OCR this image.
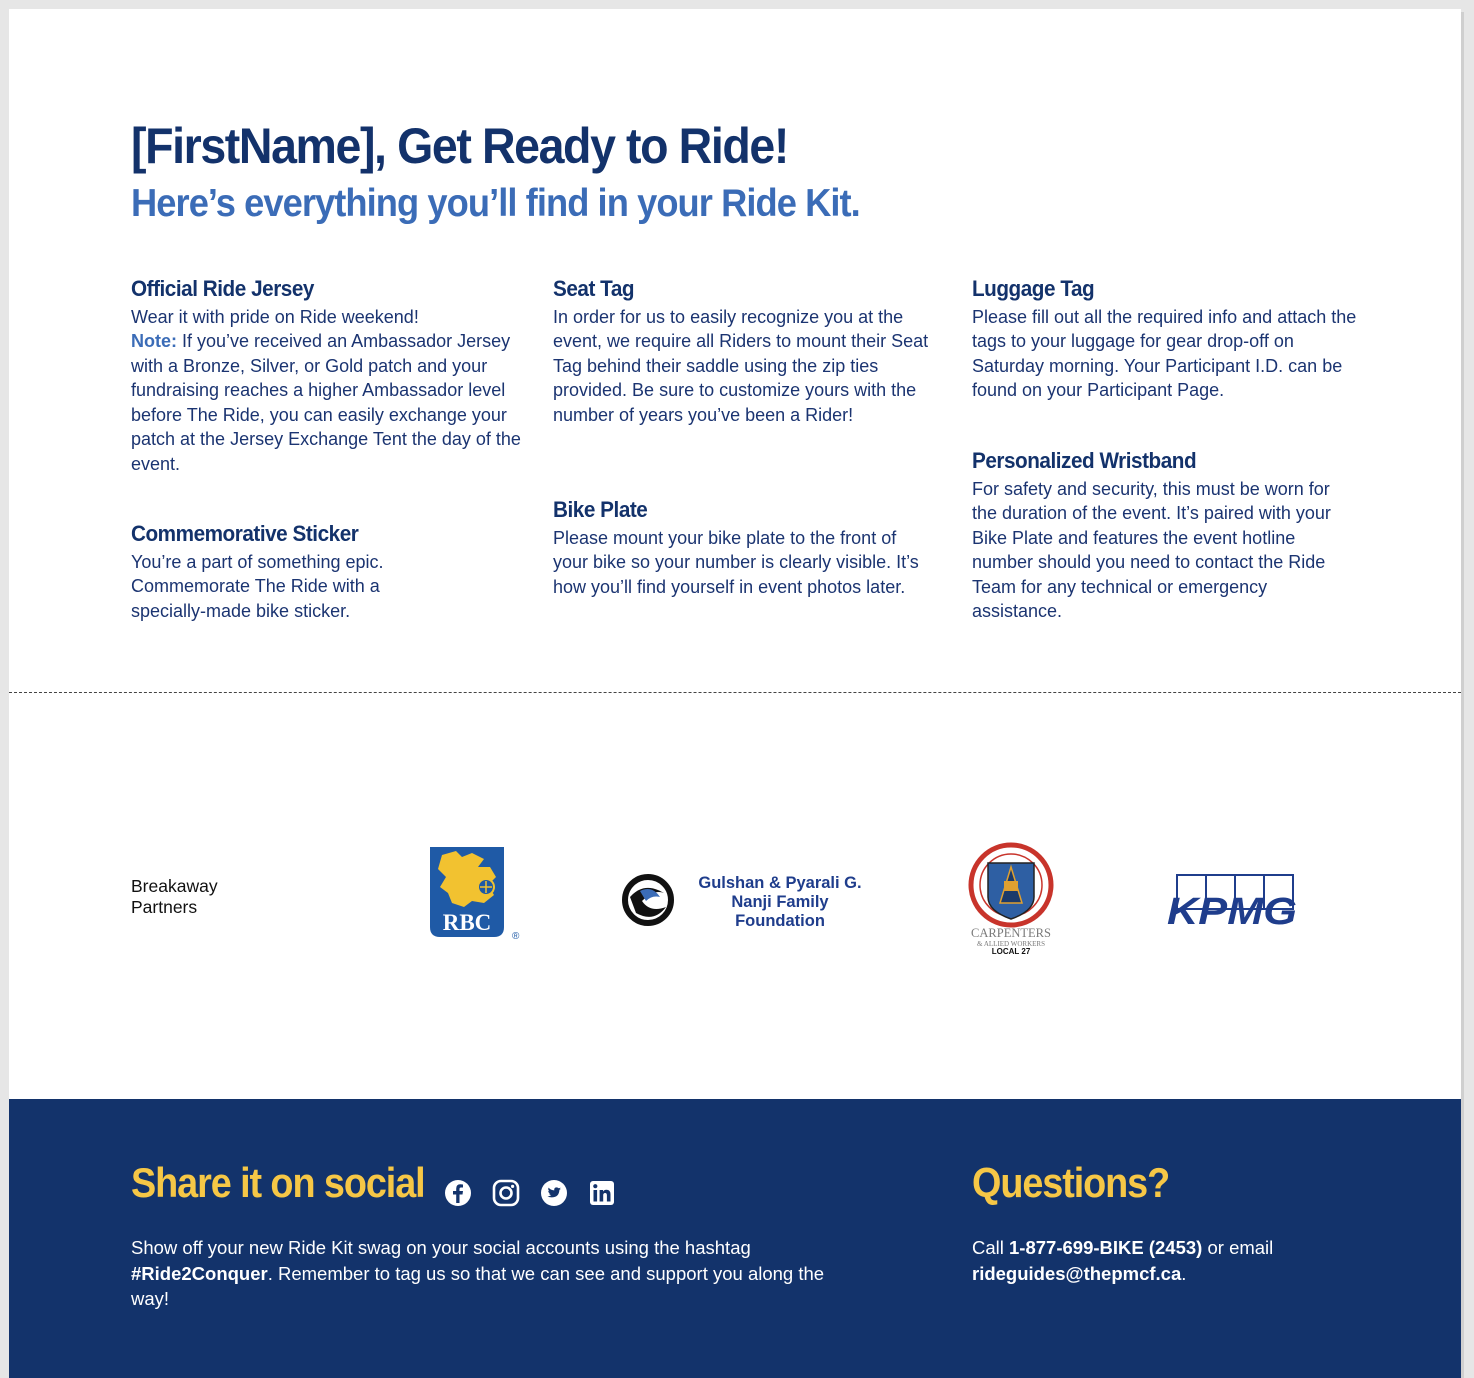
[FirstName], Get Ready to Ride!
Here’s everything you’ll find in your Ride Kit.
Official Ride Jersey

Wear it with pride on Ride weekend!
Note: If you’ve received an Ambassador Jersey with a Bronze, Silver, or Gold patch and your fundraising reaches a higher Ambassador level before The Ride, you can easily exchange your patch at the Jersey Exchange Tent the day of the event.

Commemorative Sticker

You’re a part of something epic. Commemorate The Ride with a specially-made bike sticker.

Seat Tag

In order for us to easily recognize you at the event, we require all Riders to mount their Seat Tag behind their saddle using the zip ties provided. Be sure to customize yours with the number of years you’ve been a Rider!

Bike Plate

Please mount your bike plate to the front of your bike so your number is clearly visible. It’s how you’ll find yourself in event photos later.

Luggage Tag

Please fill out all the required info and attach the tags to your luggage for gear drop-off on Saturday morning. Your Participant I.D. can be found on your Participant Page.

Personalized Wristband

For safety and security, this must be worn for the duration of the event. It’s paired with your Bike Plate and features the event hotline number should you need to contact the Ride Team for any technical or emergency assistance.

Breakaway
Partners

RBC
®
Gulshan & Pyarali G.
Nanji Family
Foundation
CARPENTERS
& ALLIED WORKERS
LOCAL 27
KPMG
Share it on social

Show off your new Ride Kit swag on your social accounts using the hashtag #Ride2Conquer. Remember to tag us so that we can see and support you along the way!

Questions?

Call 1-877-699-BIKE (2453) or email rideguides@thepmcf.ca.
